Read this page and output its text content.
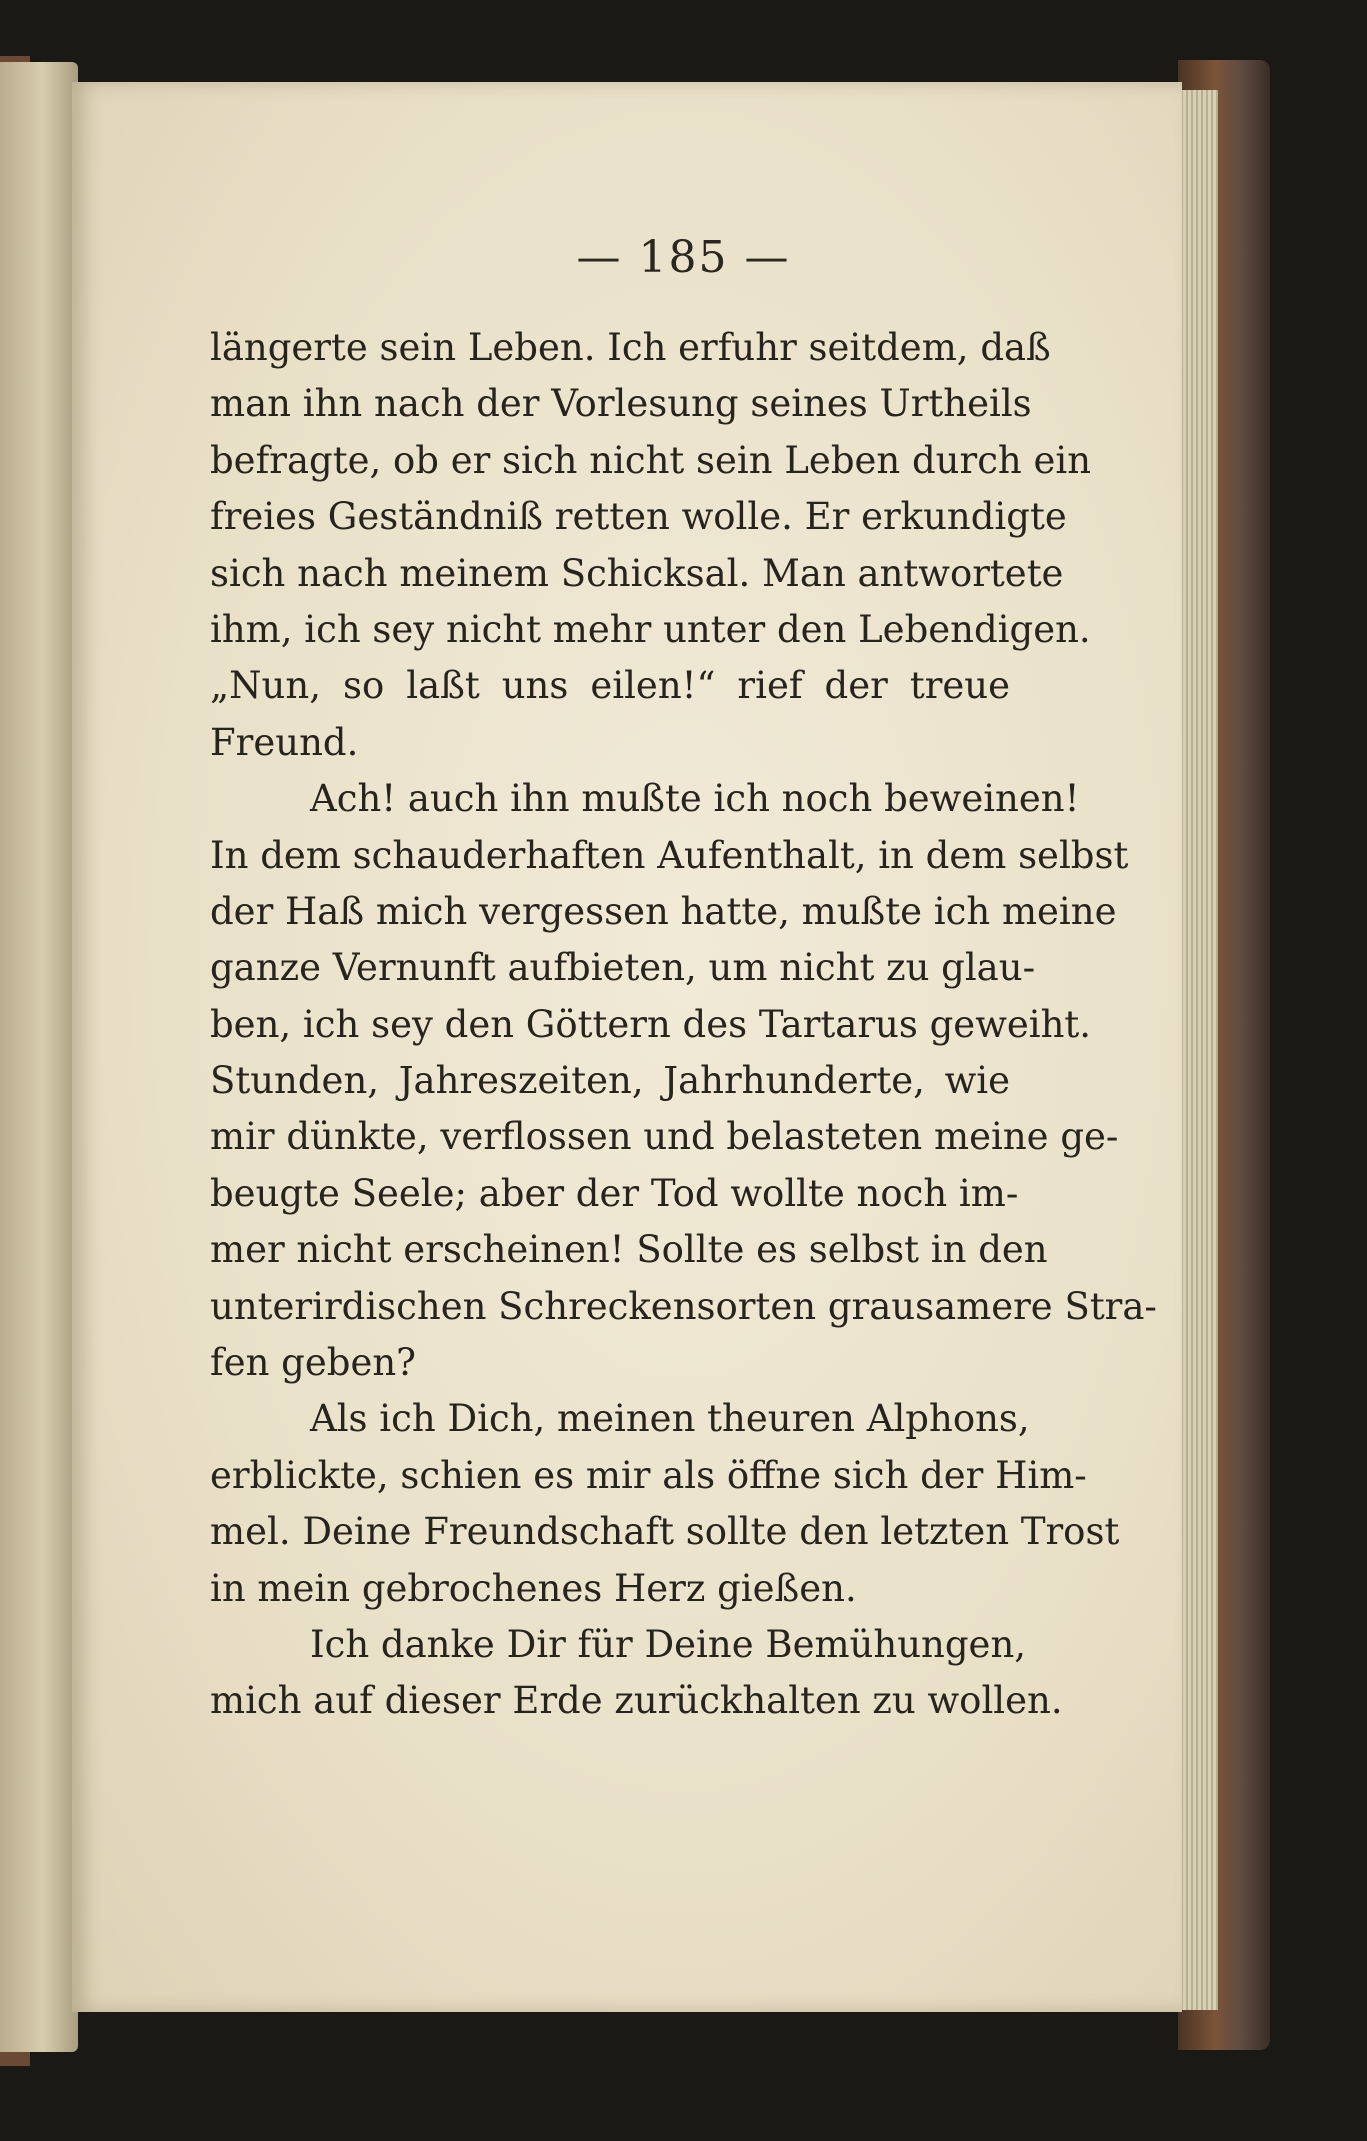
— 185 —
längerte sein Leben. Ich erfuhr seitdem, daß
man ihn nach der Vorlesung seines Urtheils
befragte, ob er sich nicht sein Leben durch ein
freies Geständniß retten wolle. Er erkundigte
sich nach meinem Schicksal. Man antwortete
ihm, ich sey nicht mehr unter den Lebendigen.
„Nun, so laßt uns eilen!“ rief der treue
Freund.
Ach! auch ihn mußte ich noch beweinen!
In dem schauderhaften Aufenthalt, in dem selbst
der Haß mich vergessen hatte, mußte ich meine
ganze Vernunft aufbieten, um nicht zu glau-
ben, ich sey den Göttern des Tartarus geweiht.
Stunden, Jahreszeiten, Jahrhunderte, wie
mir dünkte, verflossen und belasteten meine ge-
beugte Seele; aber der Tod wollte noch im-
mer nicht erscheinen! Sollte es selbst in den
unterirdischen Schreckensorten grausamere Stra-
fen geben?
Als ich Dich, meinen theuren Alphons,
erblickte, schien es mir als öffne sich der Him-
mel. Deine Freundschaft sollte den letzten Trost
in mein gebrochenes Herz gießen.
Ich danke Dir für Deine Bemühungen,
mich auf dieser Erde zurückhalten zu wollen.
